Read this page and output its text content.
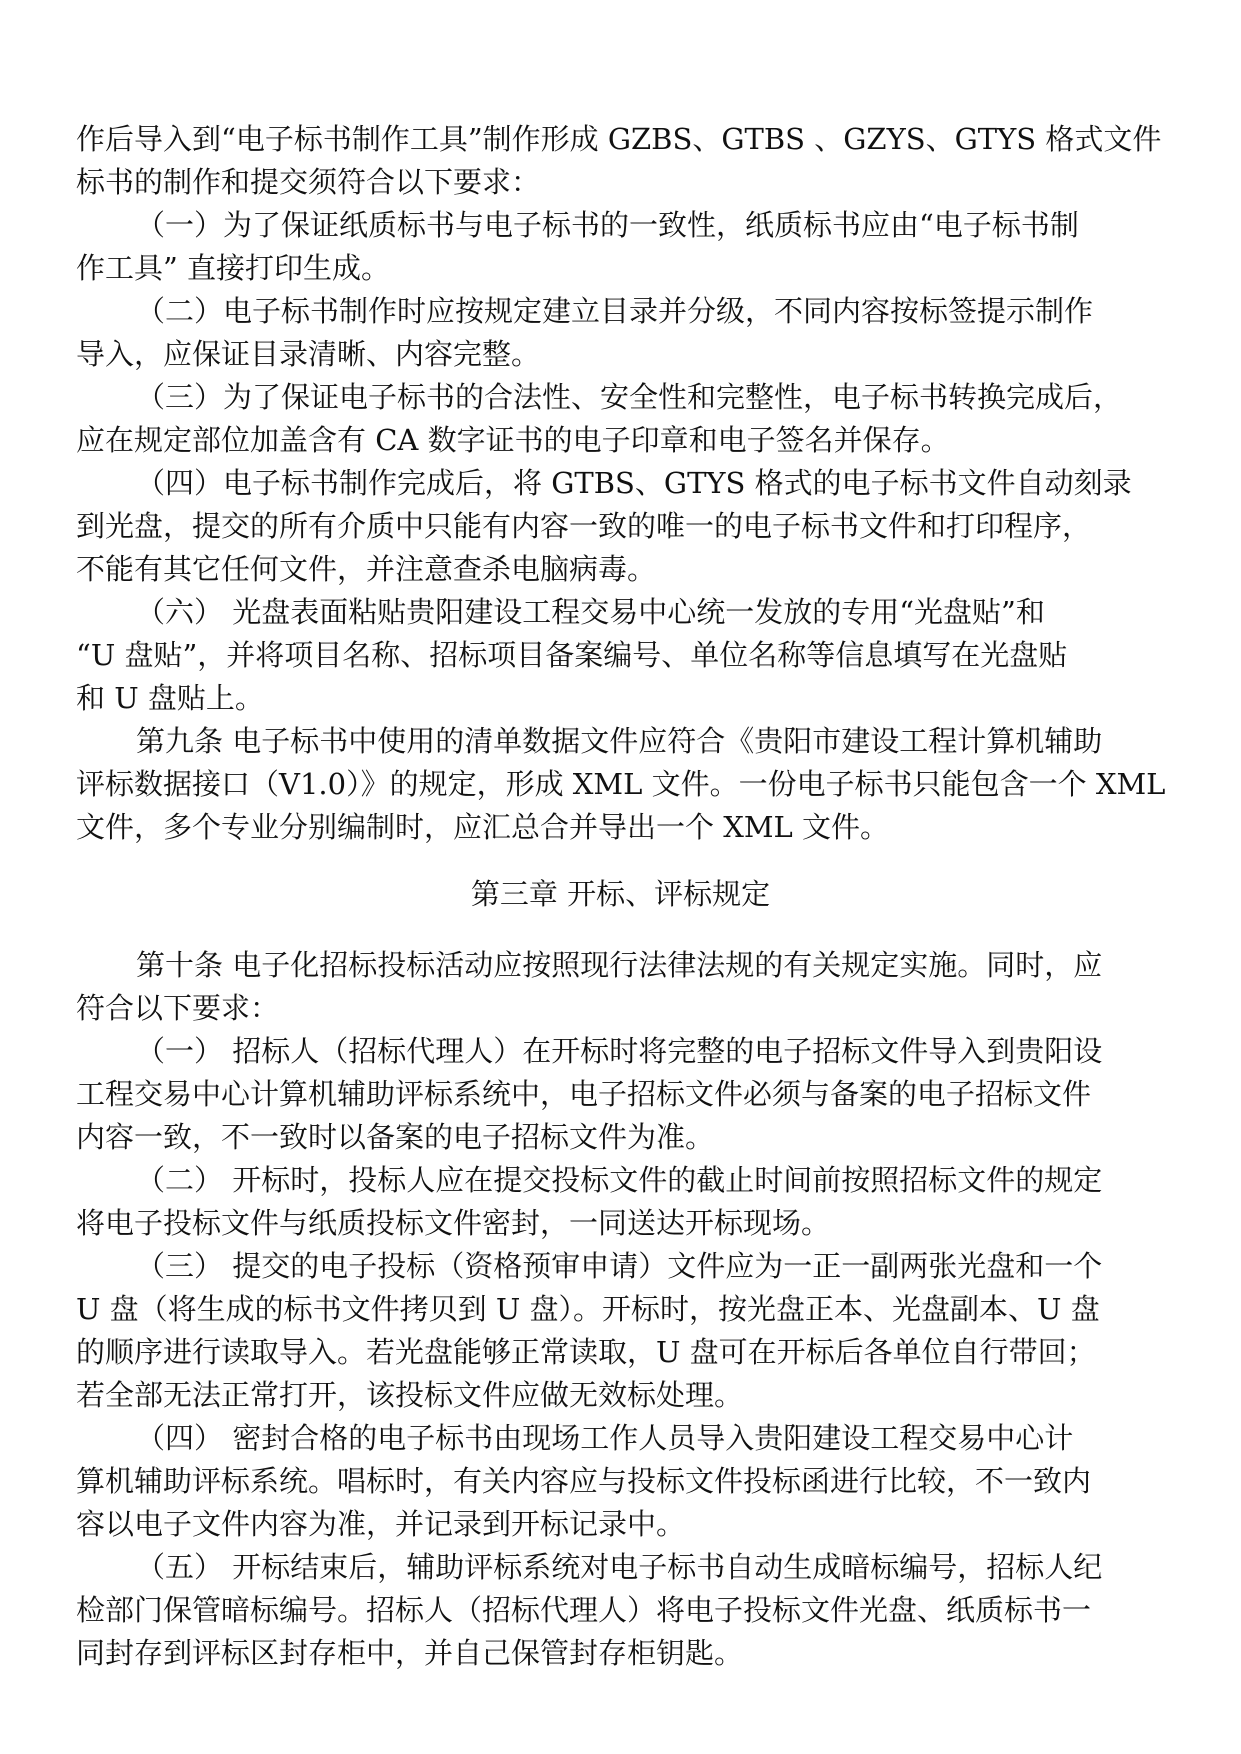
作后导入到“电子标书制作工具”制作形成 GZBS、GTBS 、GZYS、GTYS 格式文件
标书的制作和提交须符合以下要求：
（一）为了保证纸质标书与电子标书的一致性，纸质标书应由“电子标书制
作工具” 直接打印生成。
（二）电子标书制作时应按规定建立目录并分级，不同内容按标签提示制作
导入，应保证目录清晰、内容完整。
（三）为了保证电子标书的合法性、安全性和完整性，电子标书转换完成后，
应在规定部位加盖含有 CA 数字证书的电子印章和电子签名并保存。
（四）电子标书制作完成后，将 GTBS、GTYS 格式的电子标书文件自动刻录
到光盘，提交的所有介质中只能有内容一致的唯一的电子标书文件和打印程序，
不能有其它任何文件，并注意查杀电脑病毒。
（六） 光盘表面粘贴贵阳建设工程交易中心统一发放的专用“光盘贴”和
“U 盘贴”，并将项目名称、招标项目备案编号、单位名称等信息填写在光盘贴
和 U 盘贴上。
第九条 电子标书中使用的清单数据文件应符合《贵阳市建设工程计算机辅助
评标数据接口（V1.0）》的规定，形成 XML 文件。一份电子标书只能包含一个 XML
文件，多个专业分别编制时，应汇总合并导出一个 XML 文件。
第三章 开标、评标规定
第十条 电子化招标投标活动应按照现行法律法规的有关规定实施。同时，应
符合以下要求：
（一） 招标人（招标代理人）在开标时将完整的电子招标文件导入到贵阳设
工程交易中心计算机辅助评标系统中，电子招标文件必须与备案的电子招标文件
内容一致，不一致时以备案的电子招标文件为准。
（二） 开标时，投标人应在提交投标文件的截止时间前按照招标文件的规定
将电子投标文件与纸质投标文件密封，一同送达开标现场。
（三） 提交的电子投标（资格预审申请）文件应为一正一副两张光盘和一个
U 盘（将生成的标书文件拷贝到 U 盘）。开标时，按光盘正本、光盘副本、U 盘
的顺序进行读取导入。若光盘能够正常读取，U 盘可在开标后各单位自行带回；
若全部无法正常打开，该投标文件应做无效标处理。
（四） 密封合格的电子标书由现场工作人员导入贵阳建设工程交易中心计
算机辅助评标系统。唱标时，有关内容应与投标文件投标函进行比较，不一致内
容以电子文件内容为准，并记录到开标记录中。
（五） 开标结束后，辅助评标系统对电子标书自动生成暗标编号，招标人纪
检部门保管暗标编号。招标人（招标代理人）将电子投标文件光盘、纸质标书一
同封存到评标区封存柜中，并自己保管封存柜钥匙。
